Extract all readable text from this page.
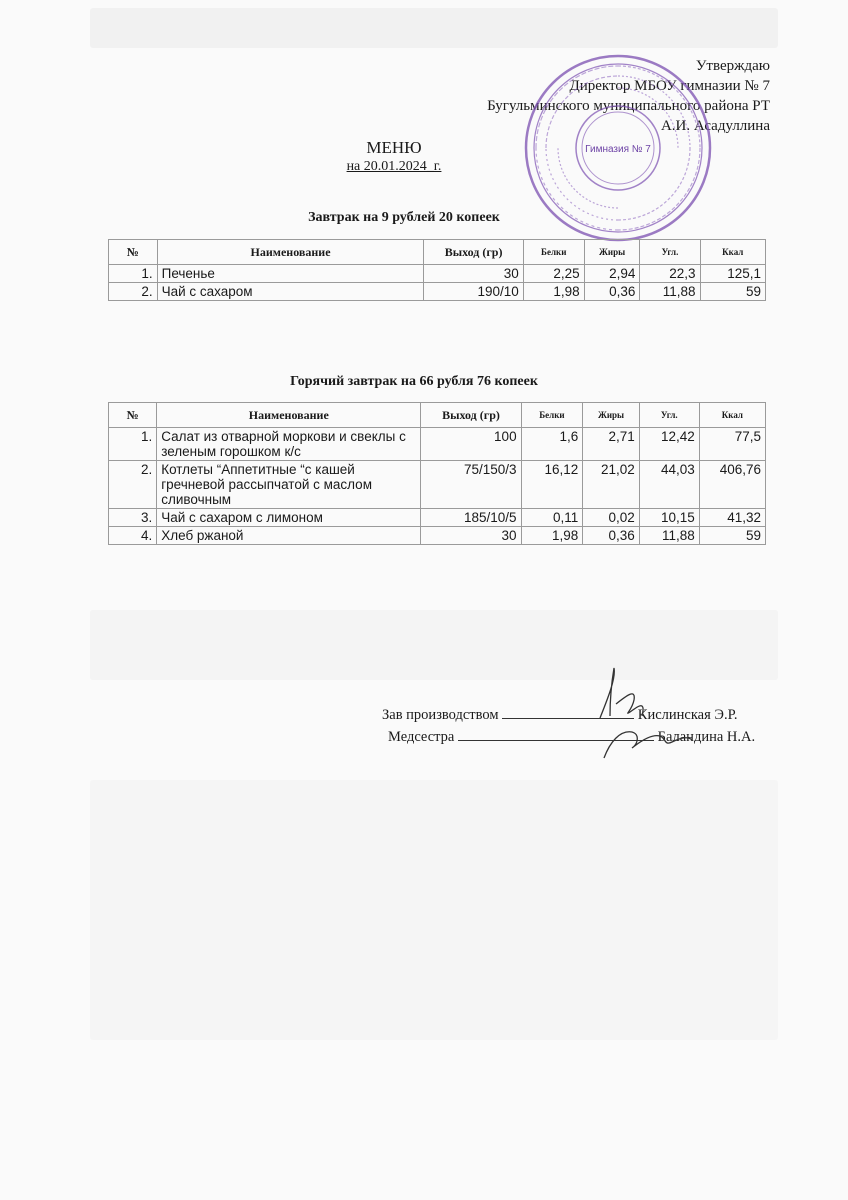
Утверждаю
Директор МБОУ гимназии № 7
Бугульминского муниципального района РТ
А.И. Асадуллина
Гимназия № 7
МЕНЮ
на 20.01.2024_г.
Завтрак на 9 рублей 20 копеек
№	Наименование	Выход (гр)	Белки	Жиры	Угл.	Ккал
1.	Печенье	30	2,25	2,94	22,3	125,1
2.	Чай с сахаром	190/10	1,98	0,36	11,88	59
Горячий завтрак на 66 рубля 76 копеек
№	Наименование	Выход (гр)	Белки	Жиры	Угл.	Ккал
1.	Салат из отварной моркови и свеклы с зеленым горошком к/с	100	1,6	2,71	12,42	77,5
2.	Котлеты “Аппетитные “с кашей гречневой рассыпчатой с маслом сливочным	75/150/3	16,12	21,02	44,03	406,76
3.	Чай с сахаром с лимоном	185/10/5	0,11	0,02	10,15	41,32
4.	Хлеб ржаной	30	1,98	0,36	11,88	59
Зав производством	Кислинская Э.Р.
Медсестра	Баландина Н.А.
